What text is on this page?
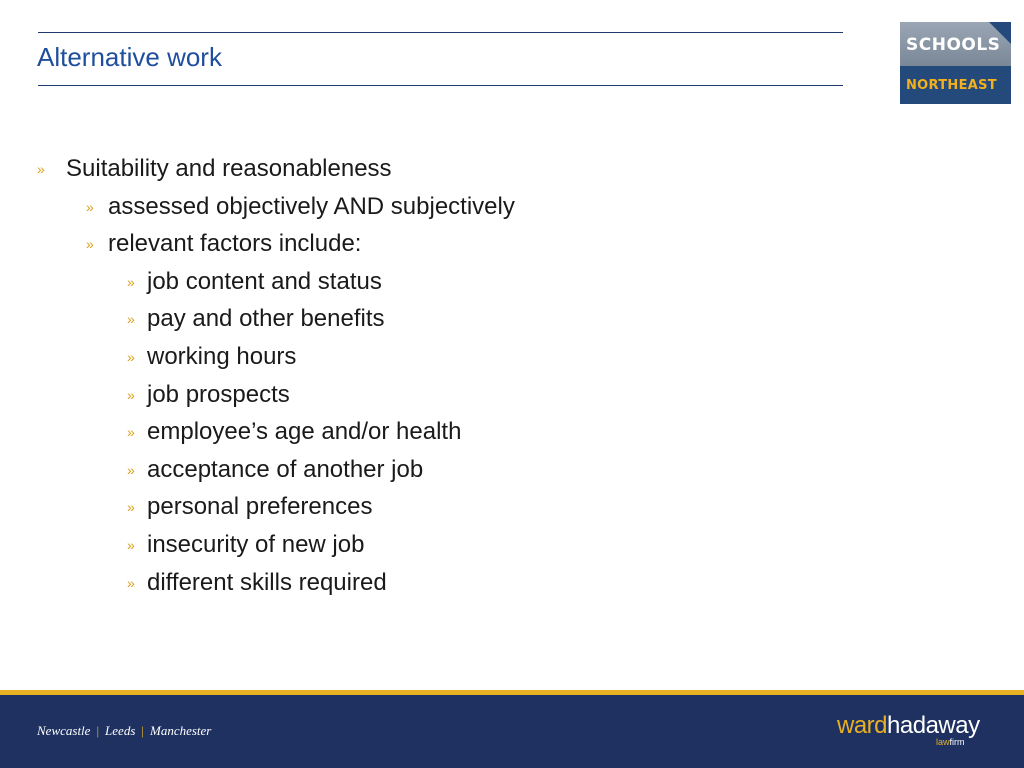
Alternative work	SCHOOLS
NORTHEAST
» Suitability and reasonableness
» assessed objectively AND subjectively
» relevant factors include:
» job content and status
» pay and other benefits
» working hours
» job prospects
» employee’s age and/or health
» acceptance of another job
» personal preferences
» insecurity of new job
» different skills required
Newcastle | Leeds | Manchester	wardhadaway
lawfirm
